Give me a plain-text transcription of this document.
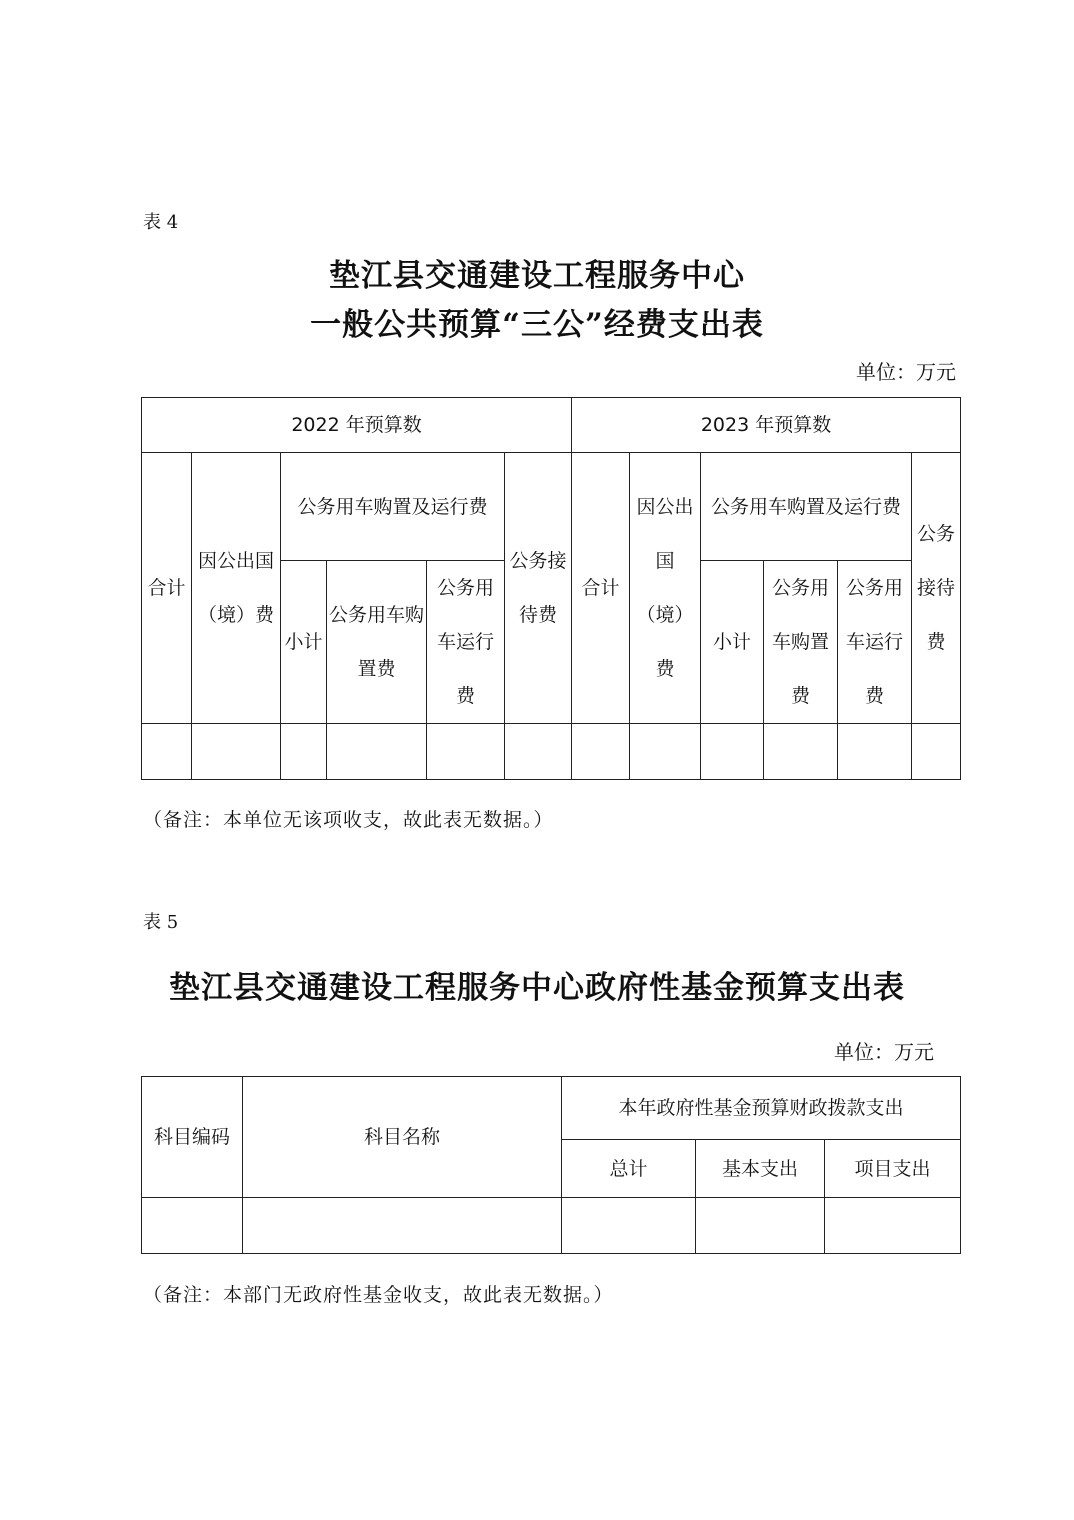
表 4
垫江县交通建设工程服务中心
一般公共预算“三公”经费支出表
单位：万元
2022 年预算数						2023 年预算数					
合计	因公出国（境）费	公务用车购置及运行费			公务接待费	合计	因公出国（境）费	公务用车购置及运行费			公务接待费
		小计	公务用车购置费	公务用车运行费				小计	公务用车购置费	公务用车运行费	

（备注：本单位无该项收支，故此表无数据。）
表 5
垫江县交通建设工程服务中心政府性基金预算支出表
单位：万元
科目编码	科目名称	本年政府性基金预算财政拨款支出		
		总计	基本支出	项目支出

（备注：本部门无政府性基金收支，故此表无数据。）
